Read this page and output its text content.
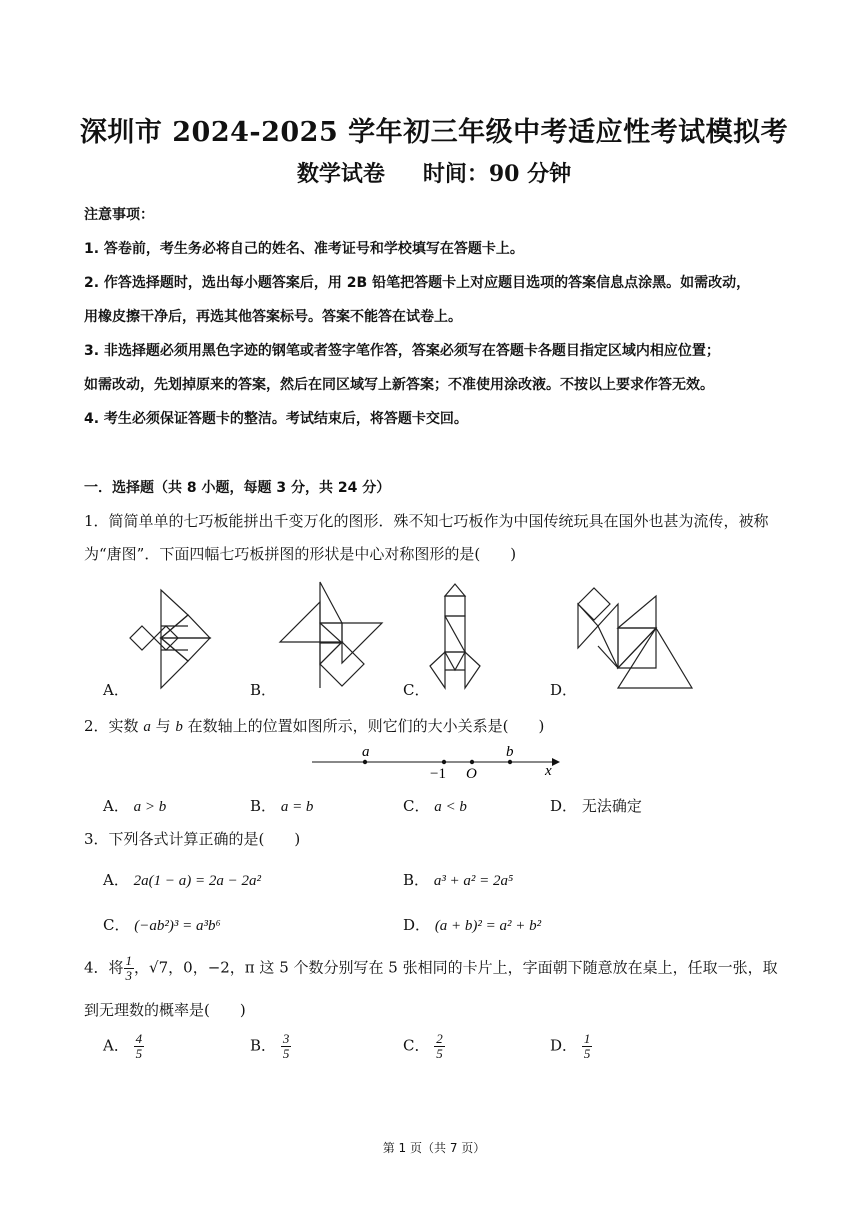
深圳市 2024-2025 学年初三年级中考适应性考试模拟考
数学试卷 时间：90 分钟
注意事项：
1. 答卷前，考生务必将自己的姓名、准考证号和学校填写在答题卡上。
2. 作答选择题时，选出每小题答案后，用 2B 铅笔把答题卡上对应题目选项的答案信息点涂黑。如需改动，
用橡皮擦干净后，再选其他答案标号。答案不能答在试卷上。
3. 非选择题必须用黑色字迹的钢笔或者签字笔作答，答案必须写在答题卡各题目指定区域内相应位置；
如需改动，先划掉原来的答案，然后在同区域写上新答案；不准使用涂改液。不按以上要求作答无效。
4. 考生必须保证答题卡的整洁。考试结束后，将答题卡交回。
一．选择题（共 8 小题，每题 3 分，共 24 分）
1．简简单单的七巧板能拼出千变万化的图形．殊不知七巧板作为中国传统玩具在国外也甚为流传，被称
为“唐图”．下面四幅七巧板拼图的形状是中心对称图形的是(　　)
A．	B．	C．	D．
2．实数 a 与 b 在数轴上的位置如图所示，则它们的大小关系是(　　)
a	b
−1 O	x
A． a > b	B． a = b	C． a < b	D． 无法确定
3．下列各式计算正确的是(　　)
A． 2a(1 − a) = 2a − 2a²	B． a³ + a² = 2a⁵
C． (−ab²)³ = a³b⁶	D． (a + b)² = a² + b²
4．将 $\frac{1}{3}$ ，√7，0，−2，π 这 5 个数分别写在 5 张相同的卡片上，字面朝下随意放在桌上，任取一张，取
到无理数的概率是(　　)
A． $\frac{4}{5}$	B． $\frac{3}{5}$	C． $\frac{2}{5}$	D． $\frac{1}{5}$
第 1 页（共 7 页）
